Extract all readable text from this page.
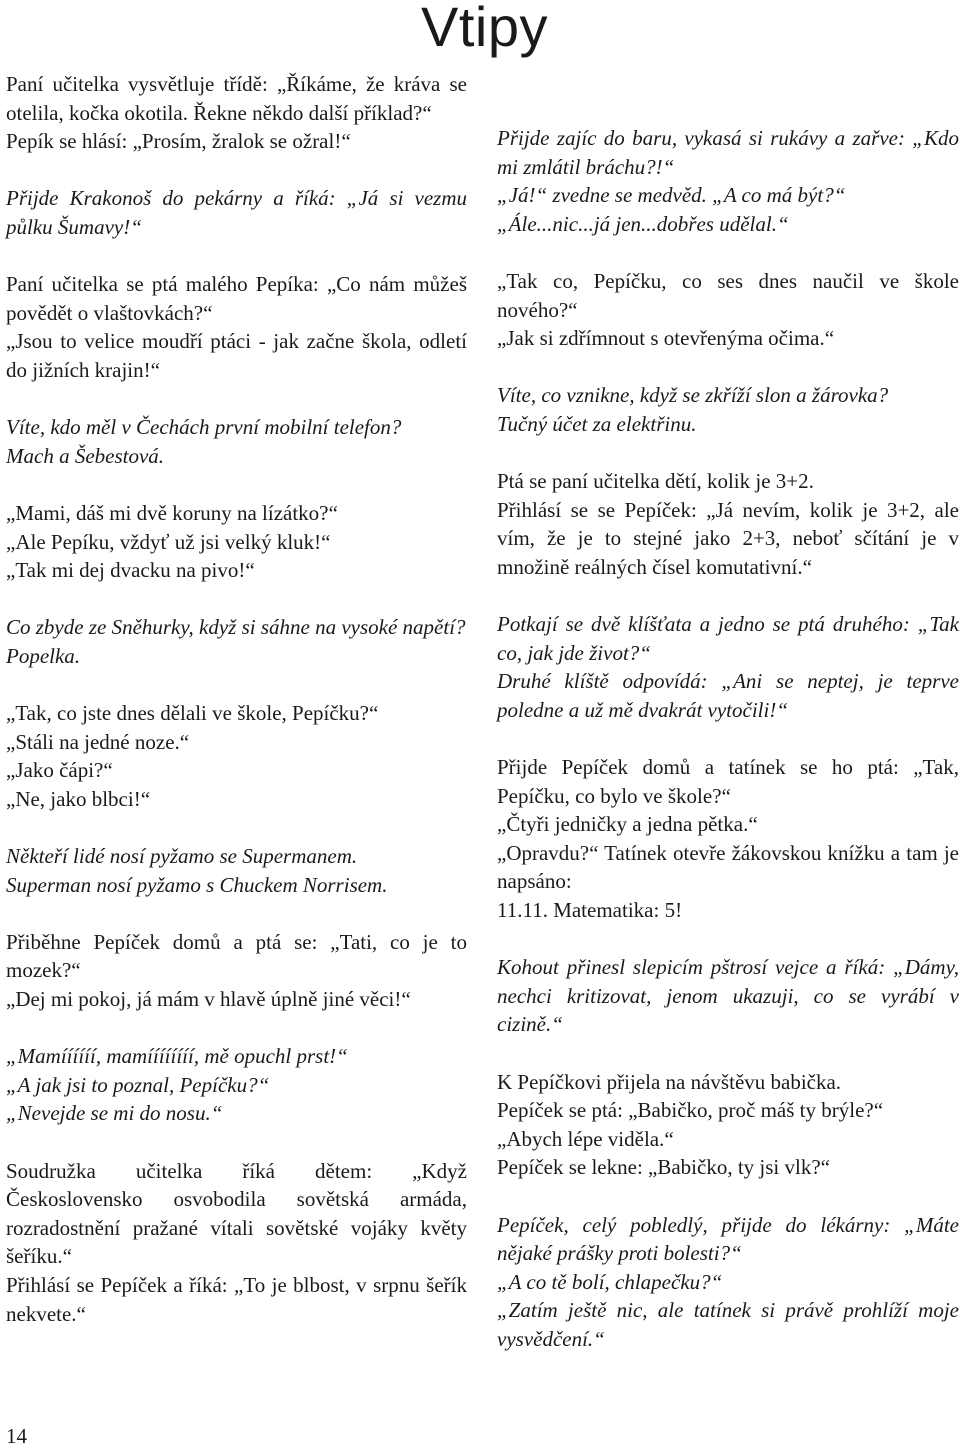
Vtipy

Paní učitelka vysvětluje třídě: „Říkáme, že kráva se otelila, kočka okotila. Řekne někdo další příklad?“

Pepík se hlásí: „Prosím, žralok se ožral!“

Přijde Krakonoš do pekárny a říká: „Já si vezmu půlku Šumavy!“

Paní učitelka se ptá malého Pepíka: „Co nám můžeš povědět o vlaštovkách?“

„Jsou to velice moudří ptáci - jak začne škola, odletí do jižních krajin!“

Víte, kdo měl v Čechách první mobilní telefon?

Mach a Šebestová.

„Mami, dáš mi dvě koruny na lízátko?“

„Ale Pepíku, vždyť už jsi velký kluk!“

„Tak mi dej dvacku na pivo!“

Co zbyde ze Sněhurky, když si sáhne na vysoké napětí?

Popelka.

„Tak, co jste dnes dělali ve škole, Pepíčku?“

„Stáli na jedné noze.“

„Jako čápi?“

„Ne, jako blbci!“

Někteří lidé nosí pyžamo se Supermanem.

Superman nosí pyžamo s Chuckem Norrisem.

Přiběhne Pepíček domů a ptá se: „Tati, co je to mozek?“

„Dej mi pokoj, já mám v hlavě úplně jiné věci!“

„Mamíííííí, mamíííííííí, mě opuchl prst!“

„A jak jsi to poznal, Pepíčku?“

„Nevejde se mi do nosu.“

Soudružka učitelka říká dětem: „Když Československo osvobodila sovětská armáda, rozradostnění pražané vítali sovětské vojáky květy šeříku.“

Přihlásí se Pepíček a říká: „To je blbost, v srpnu šeřík nekvete.“

Přijde zajíc do baru, vykasá si rukávy a zařve: „Kdo mi zmlátil bráchu?!“

„Já!“ zvedne se medvěd. „A co má být?“

„Ále...nic...já jen...dobřes udělal.“

„Tak co, Pepíčku, co ses dnes naučil ve škole nového?“

„Jak si zdřímnout s otevřenýma očima.“

Víte, co vznikne, když se zkříží slon a žárovka?

Tučný účet za elektřinu.

Ptá se paní učitelka dětí, kolik je 3+2.

Přihlásí se se Pepíček: „Já nevím, kolik je 3+2, ale vím, že je to stejné jako 2+3, neboť sčítání je v množině reálných čísel komutativní.“

Potkají se dvě klíšťata a jedno se ptá druhého: „Tak co, jak jde život?“

Druhé klíště odpovídá: „Ani se neptej, je teprve poledne a už mě dvakrát vytočili!“

Přijde Pepíček domů a tatínek se ho ptá: „Tak, Pepíčku, co bylo ve škole?“

„Čtyři jedničky a jedna pětka.“

„Opravdu?“ Tatínek otevře žákovskou knížku a tam je napsáno:

11.11. Matematika: 5!

Kohout přinesl slepicím pštrosí vejce a říká: „Dámy, nechci kritizovat, jenom ukazuji, co se vyrábí v cizině.“

K Pepíčkovi přijela na návštěvu babička.

Pepíček se ptá: „Babičko, proč máš ty brýle?“

„Abych lépe viděla.“

Pepíček se lekne: „Babičko, ty jsi vlk?“

Pepíček, celý pobledlý, přijde do lékárny: „Máte nějaké prášky proti bolesti?“

„A co tě bolí, chlapečku?“

„Zatím ještě nic, ale tatínek si právě prohlíží moje vysvědčení.“

14
